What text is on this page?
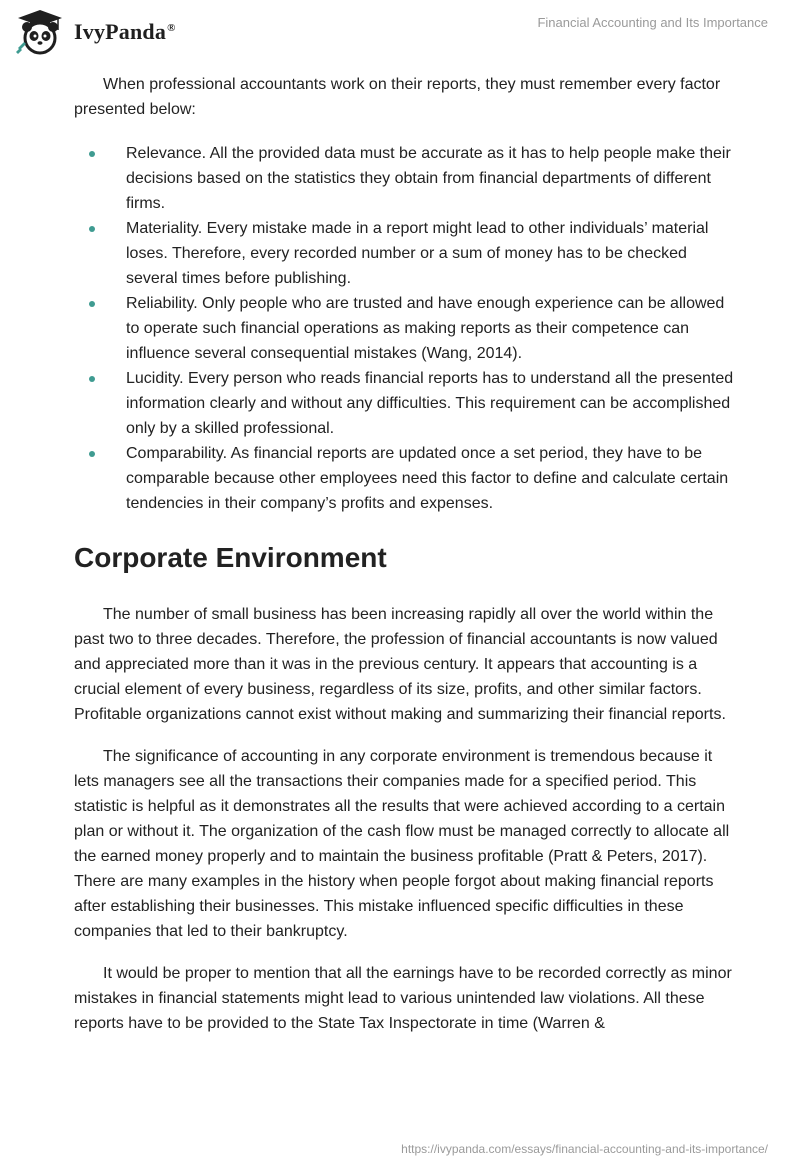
IvyPanda®	Financial Accounting and Its Importance

When professional accountants work on their reports, they must remember every factor presented below:

Relevance. All the provided data must be accurate as it has to help people make their decisions based on the statistics they obtain from financial departments of different firms.
Materiality. Every mistake made in a report might lead to other individuals’ material loses. Therefore, every recorded number or a sum of money has to be checked several times before publishing.
Reliability. Only people who are trusted and have enough experience can be allowed to operate such financial operations as making reports as their competence can influence several consequential mistakes (Wang, 2014).
Lucidity. Every person who reads financial reports has to understand all the presented information clearly and without any difficulties. This requirement can be accomplished only by a skilled professional.
Comparability. As financial reports are updated once a set period, they have to be comparable because other employees need this factor to define and calculate certain tendencies in their company’s profits and expenses.
Corporate Environment

The number of small business has been increasing rapidly all over the world within the past two to three decades. Therefore, the profession of financial accountants is now valued and appreciated more than it was in the previous century. It appears that accounting is a crucial element of every business, regardless of its size, profits, and other similar factors. Profitable organizations cannot exist without making and summarizing their financial reports.

The significance of accounting in any corporate environment is tremendous because it lets managers see all the transactions their companies made for a specified period. This statistic is helpful as it demonstrates all the results that were achieved according to a certain plan or without it. The organization of the cash flow must be managed correctly to allocate all the earned money properly and to maintain the business profitable (Pratt & Peters, 2017). There are many examples in the history when people forgot about making financial reports after establishing their businesses. This mistake influenced specific difficulties in these companies that led to their bankruptcy.

It would be proper to mention that all the earnings have to be recorded correctly as minor mistakes in financial statements might lead to various unintended law violations. All these reports have to be provided to the State Tax Inspectorate in time (Warren &

https://ivypanda.com/essays/financial-accounting-and-its-importance/
